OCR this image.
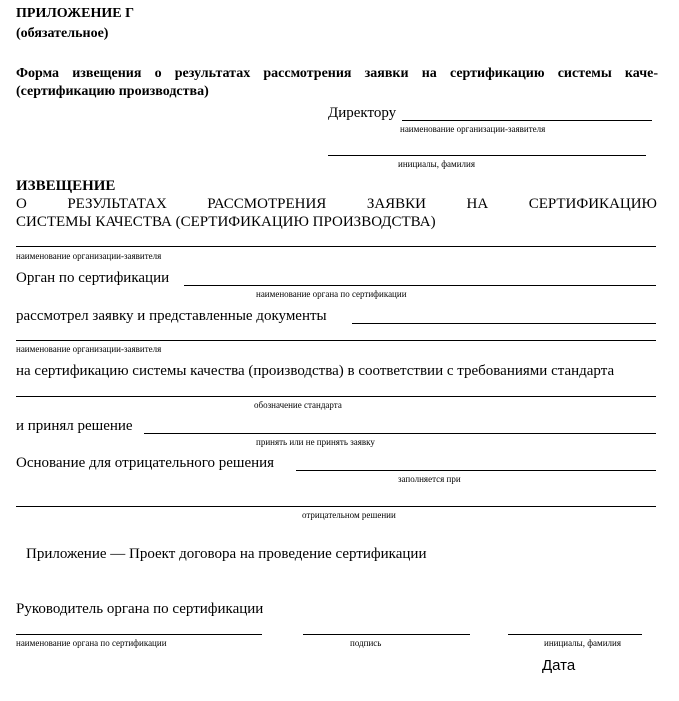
ПРИЛОЖЕНИЕ Г
(обязательное)
Форма извещения о результатах рассмотрения заявки на сертификацию системы каче-
(сертификацию производства)
Директору
наименование организации-заявителя
инициалы, фамилия
ИЗВЕЩЕНИЕ
О	РЕЗУЛЬТАТАХ	РАССМОТРЕНИЯ	ЗАЯВКИ	НА	СЕРТИФИКАЦИЮ
СИСТЕМЫ КАЧЕСТВА (СЕРТИФИКАЦИЮ ПРОИЗВОДСТВА)
наименование организации-заявителя
Орган по сертификации
наименование органа по сертификации
рассмотрел заявку и представленные документы
наименование организации-заявителя
на сертификацию системы качества (производства) в соответствии с требованиями стандарта
обозначение стандарта
и принял решение
принять или не принять заявку
Основание для отрицательного решения
заполняется при
отрицательном решении
Приложение — Проект договора на проведение сертификации
Руководитель органа по сертификации
наименование органа по сертификации	подпись	инициалы, фамилия
Дата
